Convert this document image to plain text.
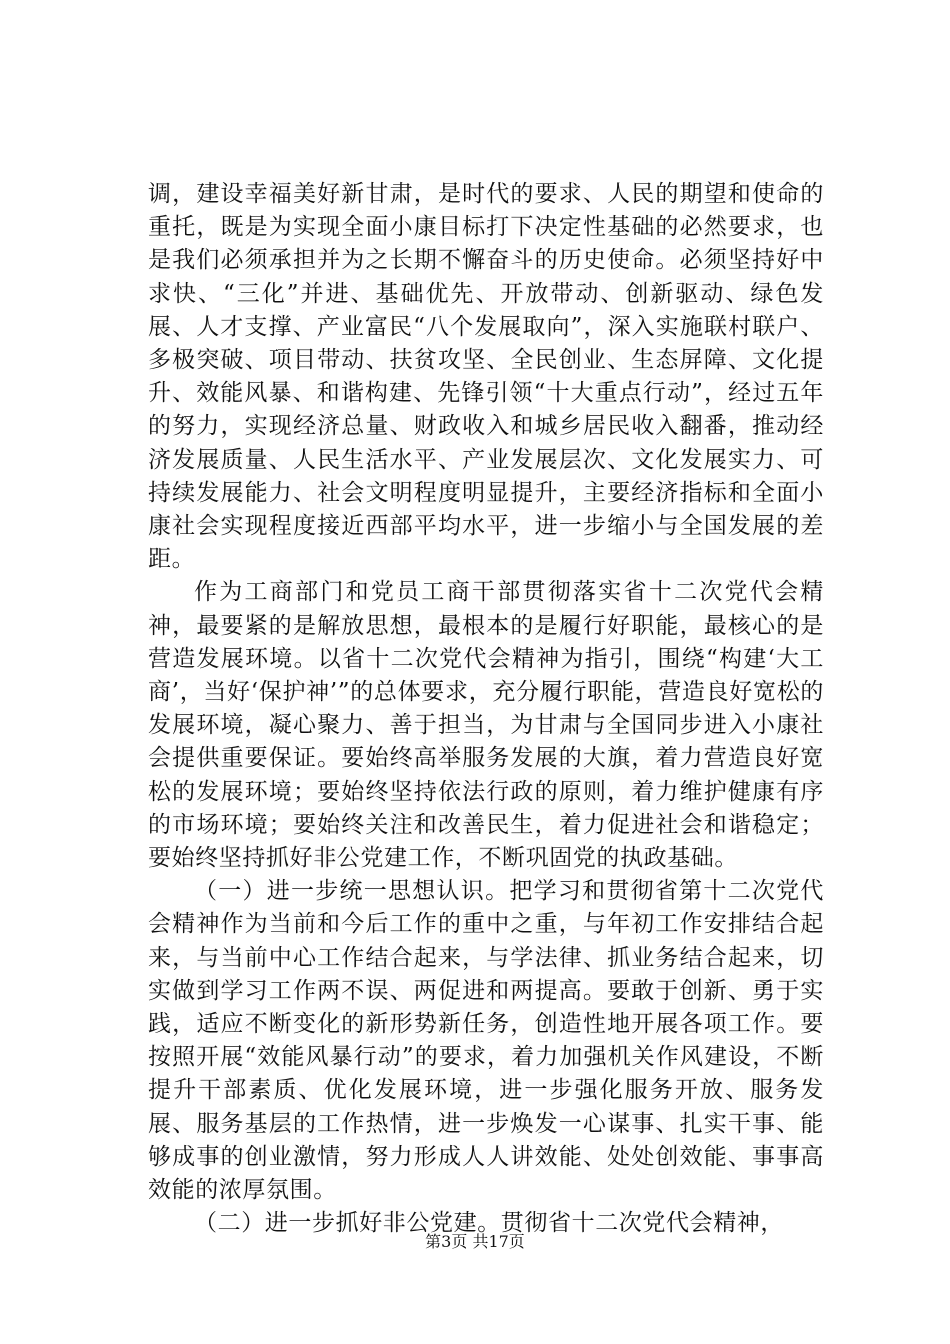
调，建设幸福美好新甘肃，是时代的要求、人民的期望和使命的重托，既是为实现全面小康目标打下决定性基础的必然要求，也是我们必须承担并为之长期不懈奋斗的历史使命。必须坚持好中求快、“三化”并进、基础优先、开放带动、创新驱动、绿色发展、人才支撑、产业富民“八个发展取向”，深入实施联村联户、多极突破、项目带动、扶贫攻坚、全民创业、生态屏障、文化提升、效能风暴、和谐构建、先锋引领“十大重点行动”，经过五年的努力，实现经济总量、财政收入和城乡居民收入翻番，推动经济发展质量、人民生活水平、产业发展层次、文化发展实力、可持续发展能力、社会文明程度明显提升，主要经济指标和全面小康社会实现程度接近西部平均水平，进一步缩小与全国发展的差距。

作为工商部门和党员工商干部贯彻落实省十二次党代会精神，最要紧的是解放思想，最根本的是履行好职能，最核心的是营造发展环境。以省十二次党代会精神为指引，围绕“构建‘大工商’，当好‘保护神’”的总体要求，充分履行职能，营造良好宽松的发展环境，凝心聚力、善于担当，为甘肃与全国同步进入小康社会提供重要保证。要始终高举服务发展的大旗，着力营造良好宽松的发展环境；要始终坚持依法行政的原则，着力维护健康有序的市场环境；要始终关注和改善民生，着力促进社会和谐稳定；要始终坚持抓好非公党建工作，不断巩固党的执政基础。

（一）进一步统一思想认识。把学习和贯彻省第十二次党代会精神作为当前和今后工作的重中之重，与年初工作安排结合起来，与当前中心工作结合起来，与学法律、抓业务结合起来，切实做到学习工作两不误、两促进和两提高。要敢于创新、勇于实践，适应不断变化的新形势新任务，创造性地开展各项工作。要按照开展“效能风暴行动”的要求，着力加强机关作风建设，不断提升干部素质、优化发展环境，进一步强化服务开放、服务发展、服务基层的工作热情，进一步焕发一心谋事、扎实干事、能够成事的创业激情，努力形成人人讲效能、处处创效能、事事高效能的浓厚氛围。

（二）进一步抓好非公党建。贯彻省十二次党代会精神，

第3页 共17页
